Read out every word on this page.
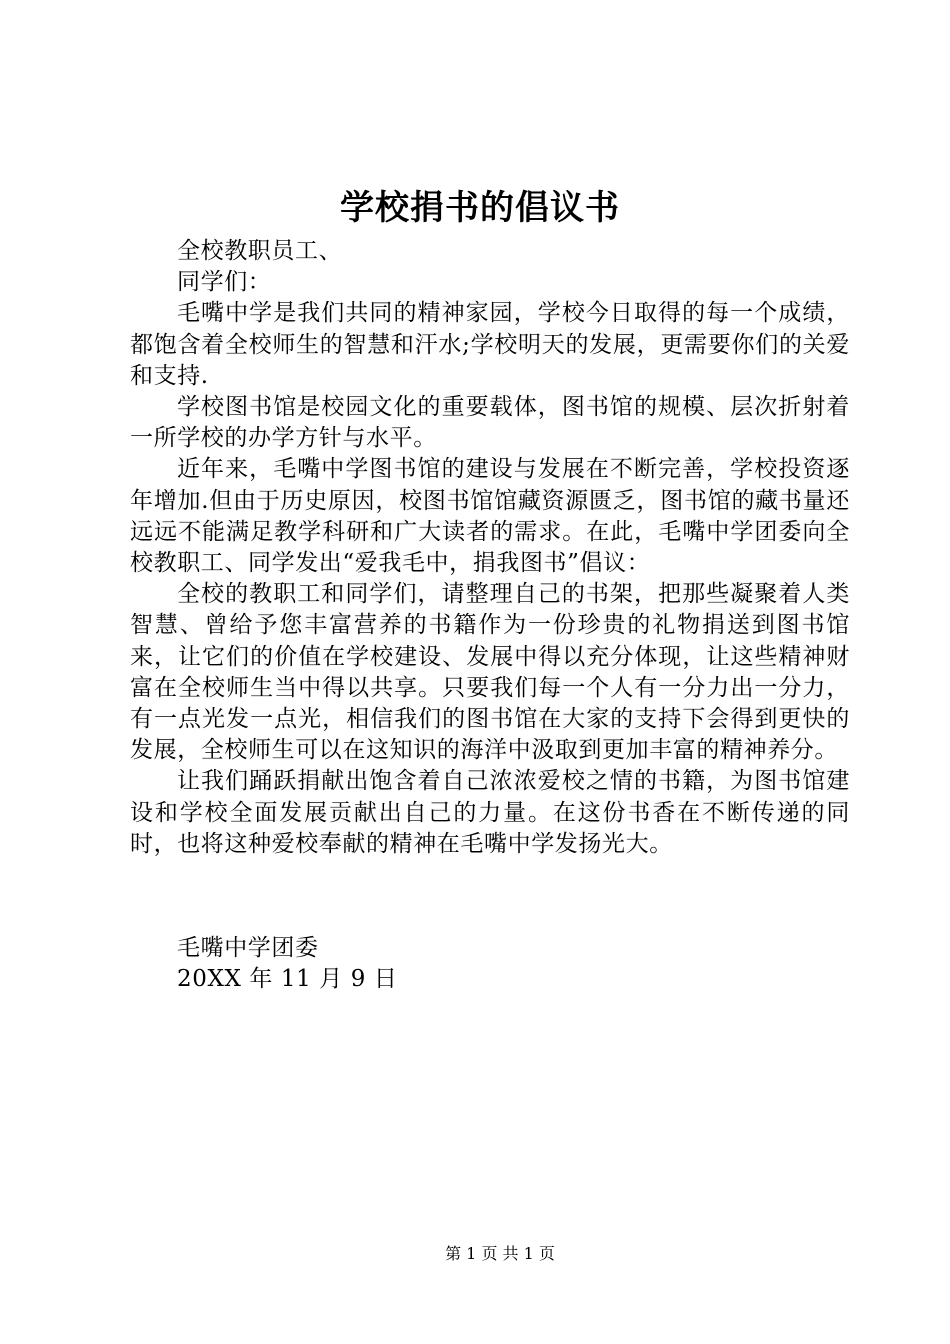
学校捐书的倡议书

全校教职员工、

同学们：

毛嘴中学是我们共同的精神家园，学校今日取得的每一个成绩，都饱含着全校师生的智慧和汗水;学校明天的发展，更需要你们的关爱和支持.

学校图书馆是校园文化的重要载体，图书馆的规模、层次折射着一所学校的办学方针与水平。

近年来，毛嘴中学图书馆的建设与发展在不断完善，学校投资逐年增加.但由于历史原因，校图书馆馆藏资源匮乏，图书馆的藏书量还远远不能满足教学科研和广大读者的需求。在此，毛嘴中学团委向全校教职工、同学发出“爱我毛中，捐我图书”倡议：

全校的教职工和同学们，请整理自己的书架，把那些凝聚着人类智慧、曾给予您丰富营养的书籍作为一份珍贵的礼物捐送到图书馆来，让它们的价值在学校建设、发展中得以充分体现，让这些精神财富在全校师生当中得以共享。只要我们每一个人有一分力出一分力，有一点光发一点光，相信我们的图书馆在大家的支持下会得到更快的发展，全校师生可以在这知识的海洋中汲取到更加丰富的精神养分。

让我们踊跃捐献出饱含着自己浓浓爱校之情的书籍，为图书馆建设和学校全面发展贡献出自己的力量。在这份书香在不断传递的同时，也将这种爱校奉献的精神在毛嘴中学发扬光大。

毛嘴中学团委
20XX 年 11 月 9 日
第 1 页 共 1 页
